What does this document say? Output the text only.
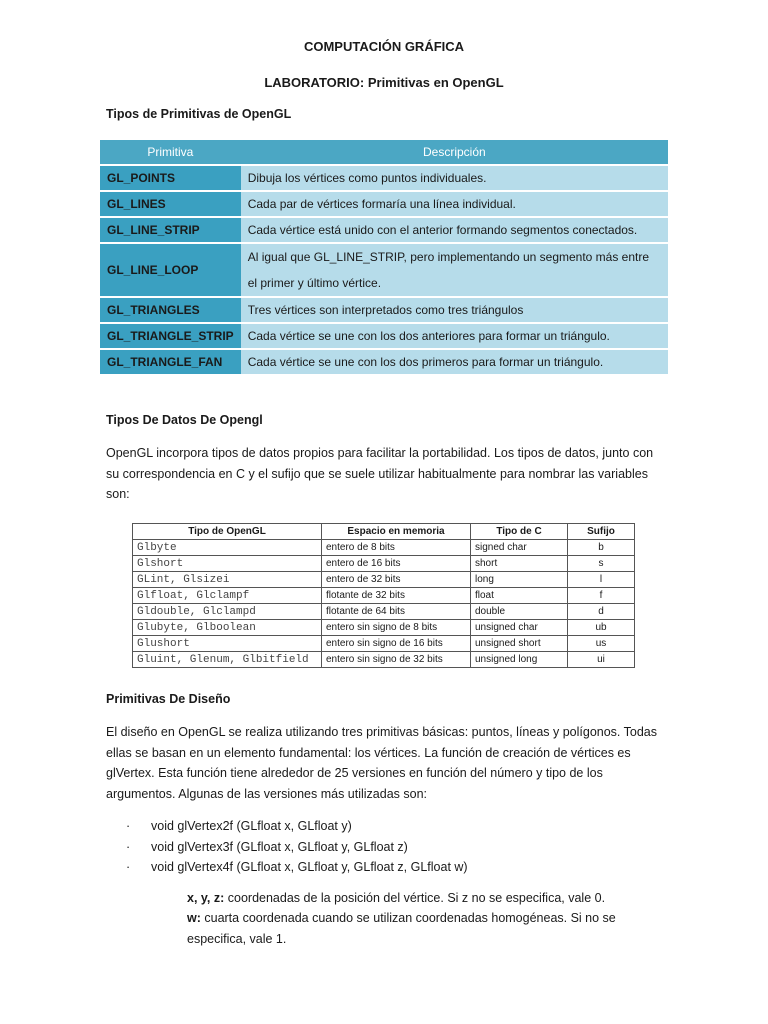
COMPUTACIÓN GRÁFICA
LABORATORIO: Primitivas en OpenGL
Tipos de Primitivas de OpenGL
Primitiva	Descripción
GL_POINTS	Dibuja los vértices como puntos individuales.
GL_LINES	Cada par de vértices formaría una línea individual.
GL_LINE_STRIP	Cada vértice está unido con el anterior formando segmentos conectados.
GL_LINE_LOOP	Al igual que GL_LINE_STRIP, pero implementando un segmento más entre el primer y último vértice.
GL_TRIANGLES	Tres vértices son interpretados como tres triángulos
GL_TRIANGLE_STRIP	Cada vértice se une con los dos anteriores para formar un triángulo.
GL_TRIANGLE_FAN	Cada vértice se une con los dos primeros para formar un triángulo.
Tipos De Datos De Opengl
OpenGL incorpora tipos de datos propios para facilitar la portabilidad. Los tipos de datos, junto con su correspondencia en C y el sufijo que se suele utilizar habitualmente para nombrar las variables son:
Tipo de OpenGL	Espacio en memoria	Tipo de C	Sufijo
Glbyte	entero de 8 bits	signed char	b
Glshort	entero de 16 bits	short	s
GLint, Glsizei	entero de 32 bits	long	l
Glfloat, Glclampf	flotante de 32 bits	float	f
Gldouble, Glclampd	flotante de 64 bits	double	d
Glubyte, Glboolean	entero sin signo de 8 bits	unsigned char	ub
Glushort	entero sin signo de 16 bits	unsigned short	us
Gluint, Glenum, Glbitfield	entero sin signo de 32 bits	unsigned long	ui
Primitivas De Diseño
El diseño en OpenGL se realiza utilizando tres primitivas básicas: puntos, líneas y polígonos. Todas ellas se basan en un elemento fundamental: los vértices. La función de creación de vértices es glVertex. Esta función tiene alrededor de 25 versiones en función del número y tipo de los argumentos. Algunas de las versiones más utilizadas son:
· void glVertex2f (GLfloat x, GLfloat y)
· void glVertex3f (GLfloat x, GLfloat y, GLfloat z)
· void glVertex4f (GLfloat x, GLfloat y, GLfloat z, GLfloat w)
x, y, z: coordenadas de la posición del vértice. Si z no se especifica, vale 0.
w: cuarta coordenada cuando se utilizan coordenadas homogéneas. Si no se especifica, vale 1.
